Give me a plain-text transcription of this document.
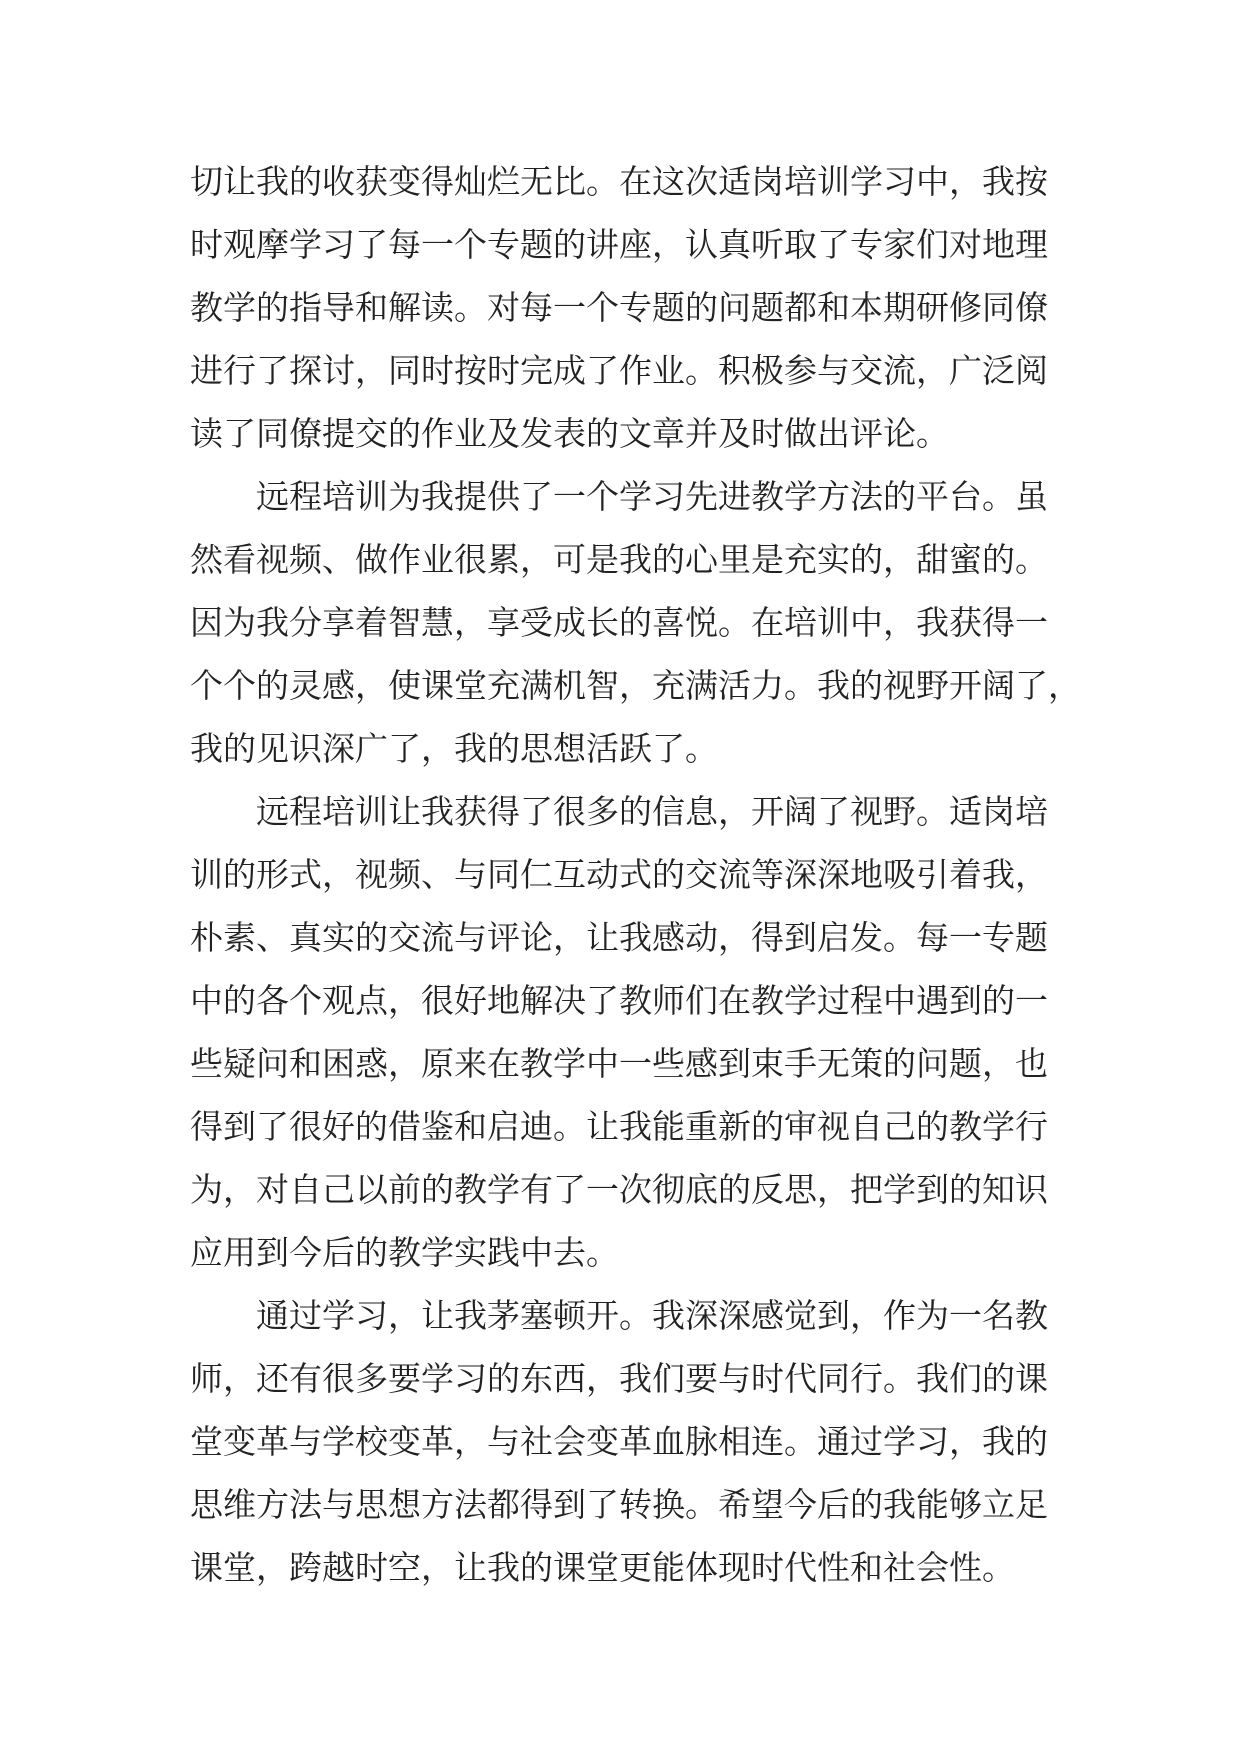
切让我的收获变得灿烂无比。在这次适岗培训学习中，我按
时观摩学习了每一个专题的讲座，认真听取了专家们对地理
教学的指导和解读。对每一个专题的问题都和本期研修同僚
进行了探讨，同时按时完成了作业。积极参与交流，广泛阅
读了同僚提交的作业及发表的文章并及时做出评论。
远程培训为我提供了一个学习先进教学方法的平台。虽
然看视频、做作业很累，可是我的心里是充实的，甜蜜的。
因为我分享着智慧，享受成长的喜悦。在培训中，我获得一
个个的灵感，使课堂充满机智，充满活力。我的视野开阔了，
我的见识深广了，我的思想活跃了。
远程培训让我获得了很多的信息，开阔了视野。适岗培
训的形式，视频、与同仁互动式的交流等深深地吸引着我，
朴素、真实的交流与评论，让我感动，得到启发。每一专题
中的各个观点，很好地解决了教师们在教学过程中遇到的一
些疑问和困惑，原来在教学中一些感到束手无策的问题，也
得到了很好的借鉴和启迪。让我能重新的审视自己的教学行
为，对自己以前的教学有了一次彻底的反思，把学到的知识
应用到今后的教学实践中去。
通过学习，让我茅塞顿开。我深深感觉到，作为一名教
师，还有很多要学习的东西，我们要与时代同行。我们的课
堂变革与学校变革，与社会变革血脉相连。通过学习，我的
思维方法与思想方法都得到了转换。希望今后的我能够立足
课堂，跨越时空，让我的课堂更能体现时代性和社会性。
